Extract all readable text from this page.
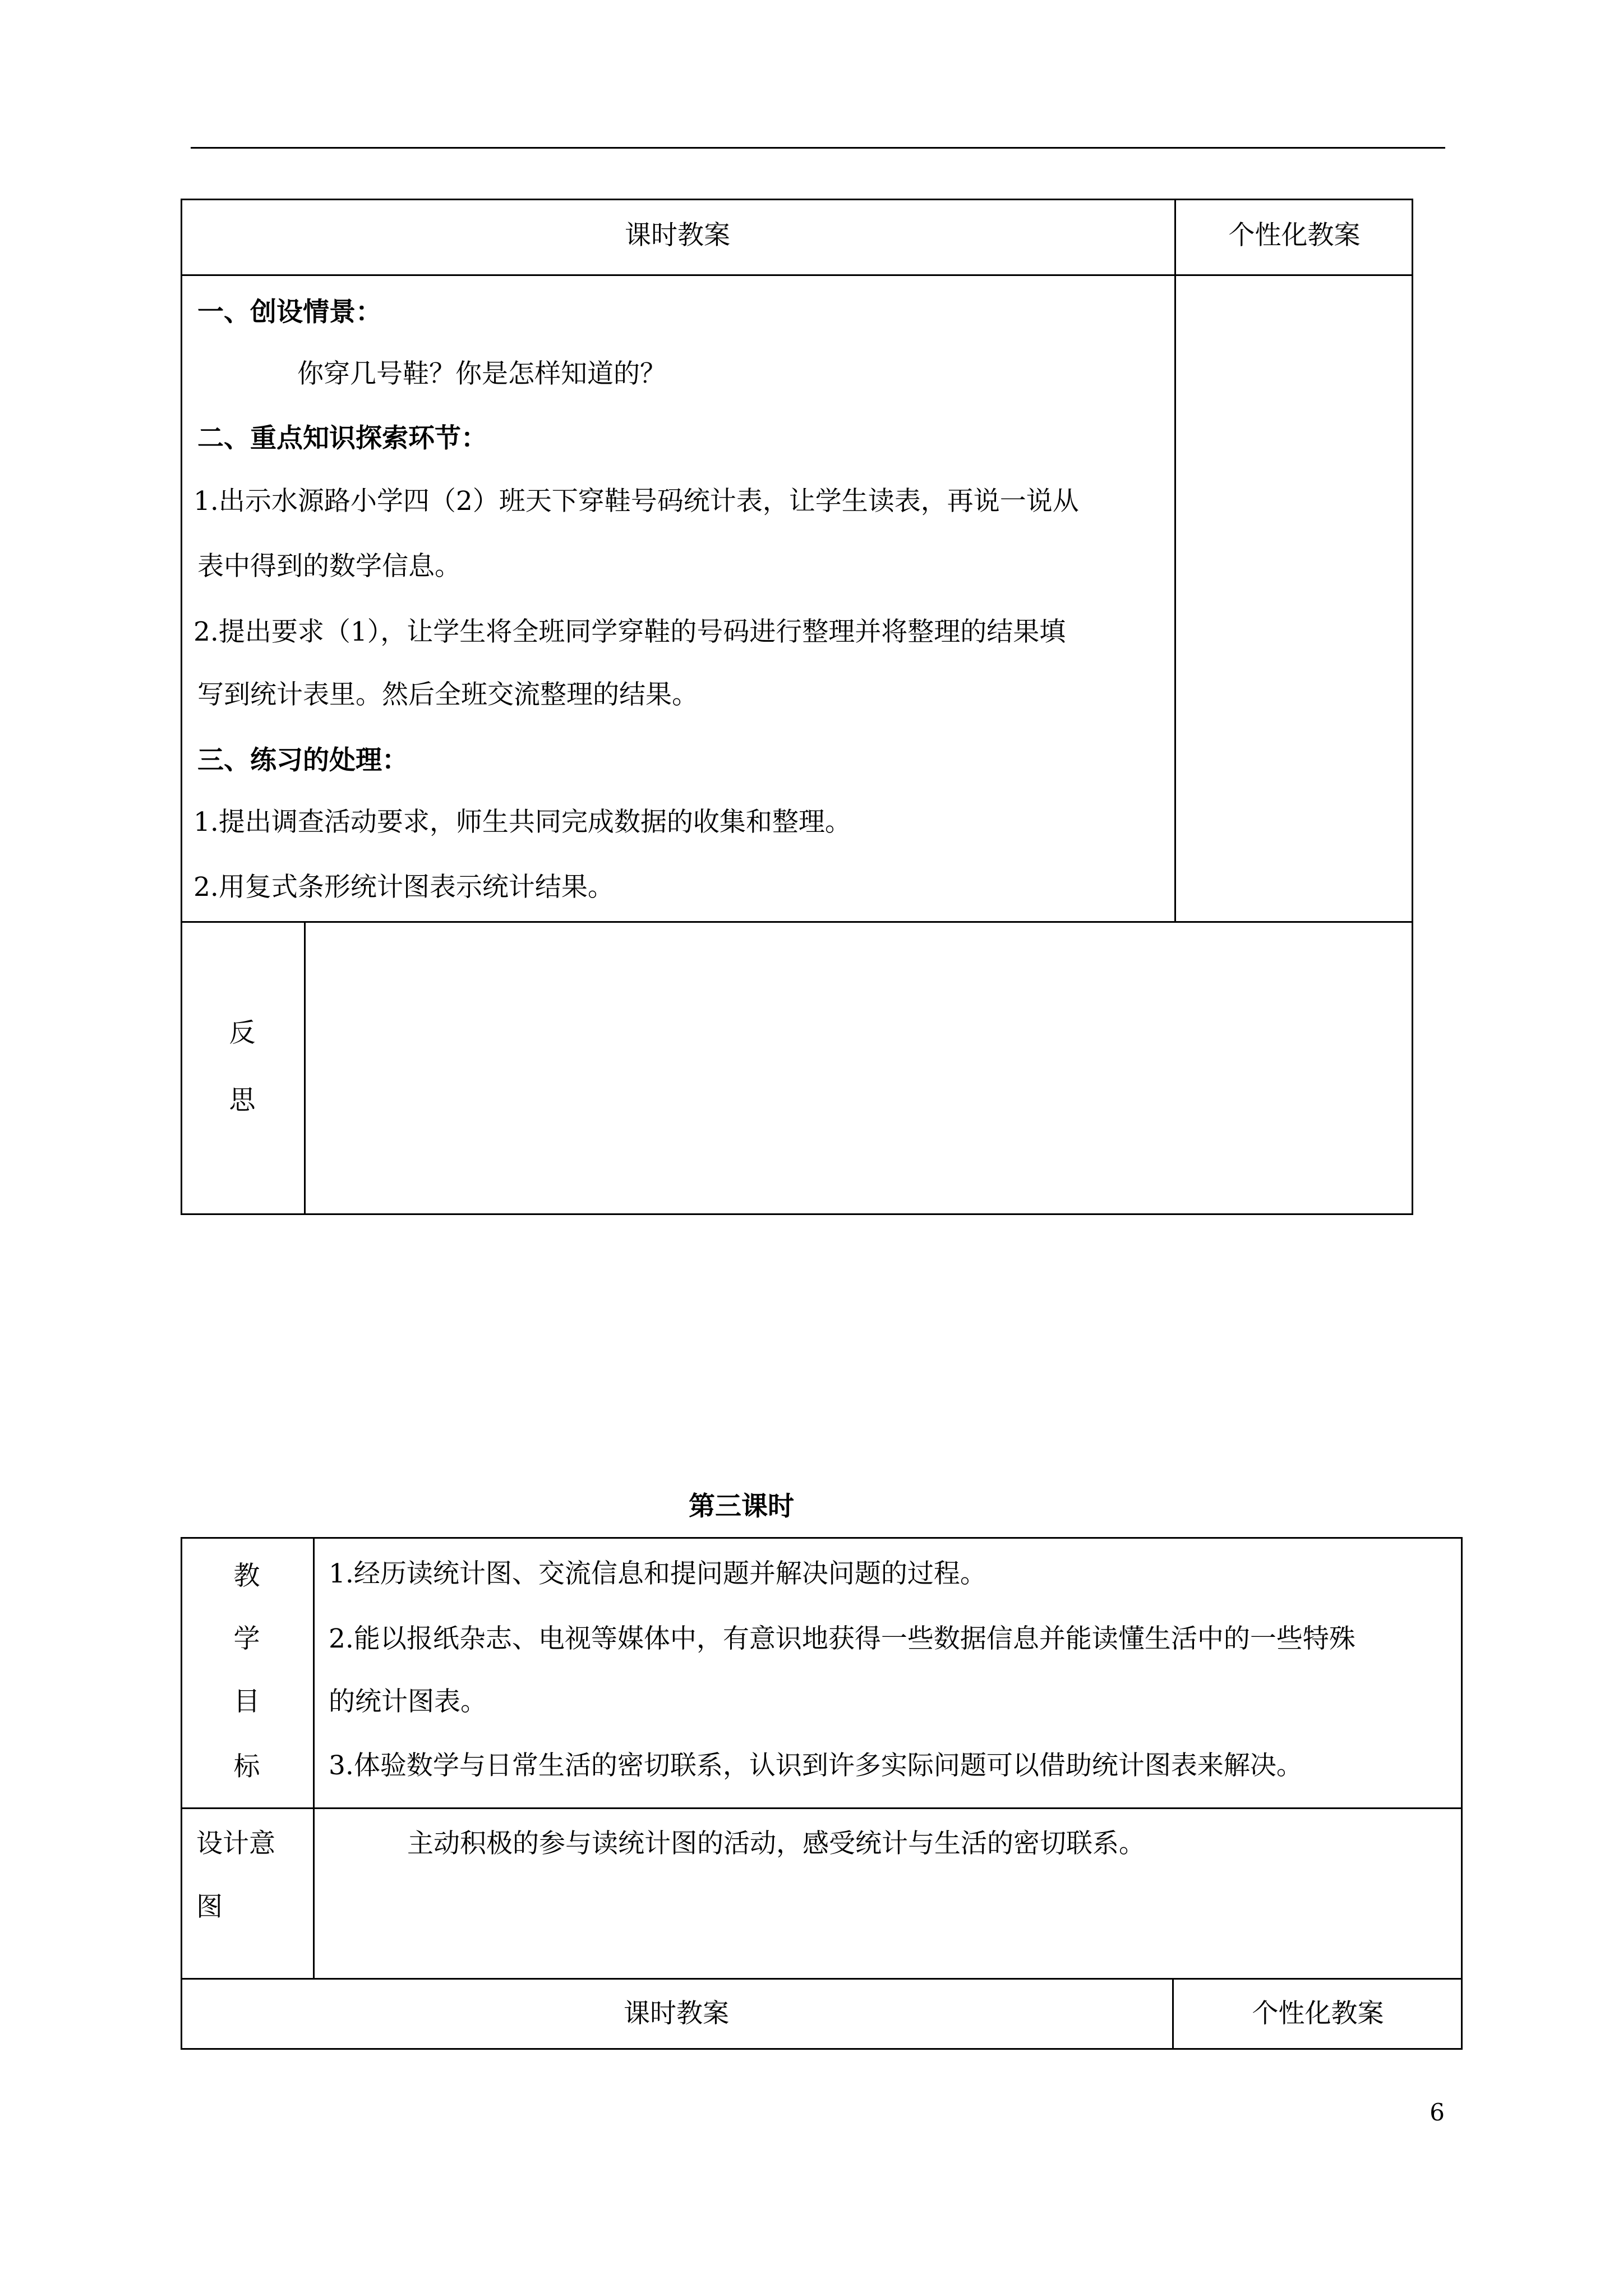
课时教案	个性化教案
一、创设情景：
你穿几号鞋？你是怎样知道的？
二、重点知识探索环节：
1.出示水源路小学四（2）班天下穿鞋号码统计表，让学生读表，再说一说从
表中得到的数学信息。
2.提出要求（1），让学生将全班同学穿鞋的号码进行整理并将整理的结果填
写到统计表里。然后全班交流整理的结果。
三、练习的处理：
1.提出调查活动要求，师生共同完成数据的收集和整理。
2.用复式条形统计图表示统计结果。
反
思
第三课时
教
学
目
标
1.经历读统计图、交流信息和提问题并解决问题的过程。
2.能以报纸杂志、电视等媒体中，有意识地获得一些数据信息并能读懂生活中的一些特殊
的统计图表。
3.体验数学与日常生活的密切联系，认识到许多实际问题可以借助统计图表来解决。
设计意
图
主动积极的参与读统计图的活动，感受统计与生活的密切联系。
课时教案	个性化教案
6
